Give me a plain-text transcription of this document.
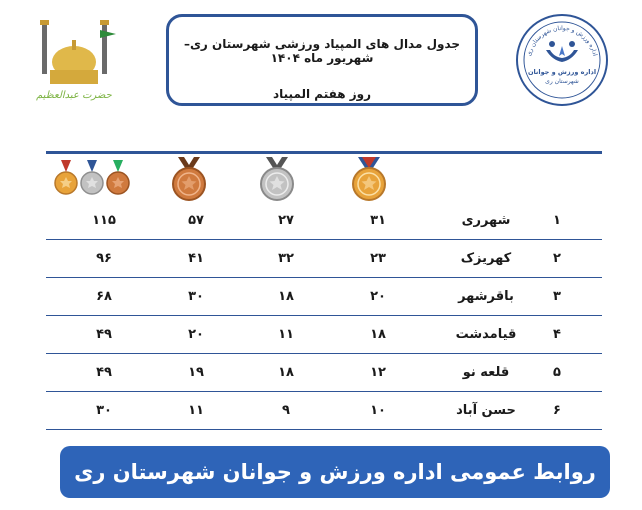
جدول مدال های المپیاد ورزشی شهرستان ری–شهریور ماه ۱۴۰۴
روز هفتم المپیاد
اداره ورزش و جوانان شهرستان ری
اداره ورزش و جوانان
شهرستان ری
حضرت عبدالعظیم
۱۱۵	۵۷	۲۷	۳۱	شهرری	۱
۹۶	۴۱	۳۲	۲۳	کهریزک	۲
۶۸	۳۰	۱۸	۲۰	باقرشهر	۳
۴۹	۲۰	۱۱	۱۸	قیامدشت	۴
۴۹	۱۹	۱۸	۱۲	قلعه نو	۵
۳۰	۱۱	۹	۱۰	حسن آباد	۶
روابط عمومی اداره ورزش و جوانان شهرستان ری
